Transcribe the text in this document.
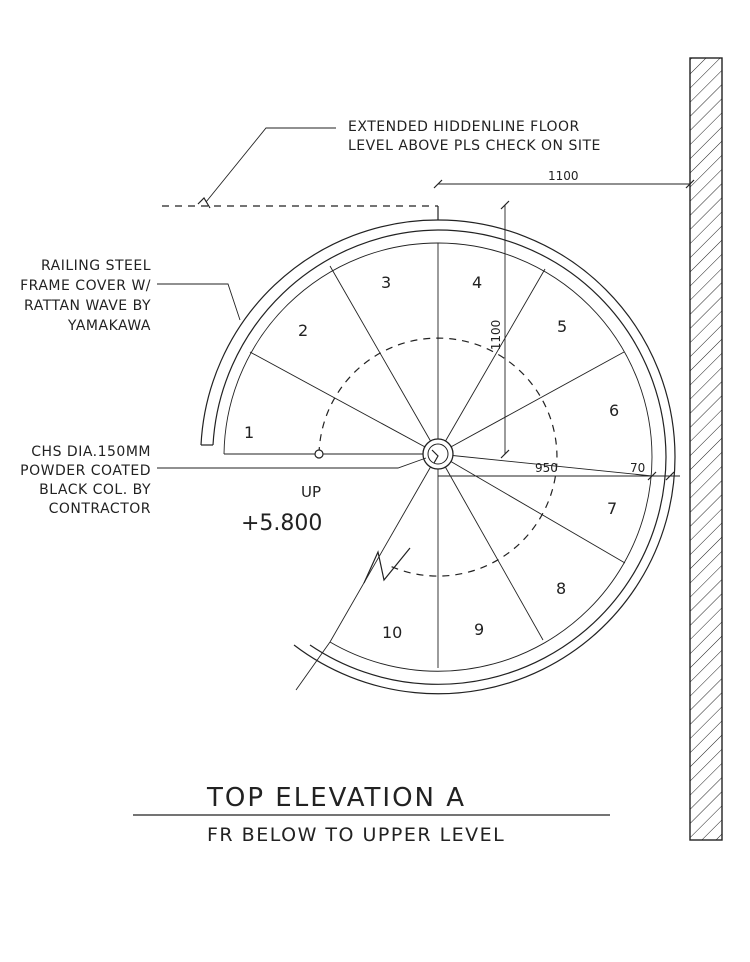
EXTENDED HIDDENLINE FLOOR
LEVEL ABOVE PLS CHECK ON SITE
RAILING STEEL
FRAME COVER W/
RATTAN WAVE BY
YAMAKAWA
CHS DIA.150MM
POWDER COATED
BLACK COL. BY
CONTRACTOR
1100
1100
950	70
1
2
3	4
5
6
7
8
9
10
UP
+5.800
TOP ELEVATION A
FR BELOW TO UPPER LEVEL
